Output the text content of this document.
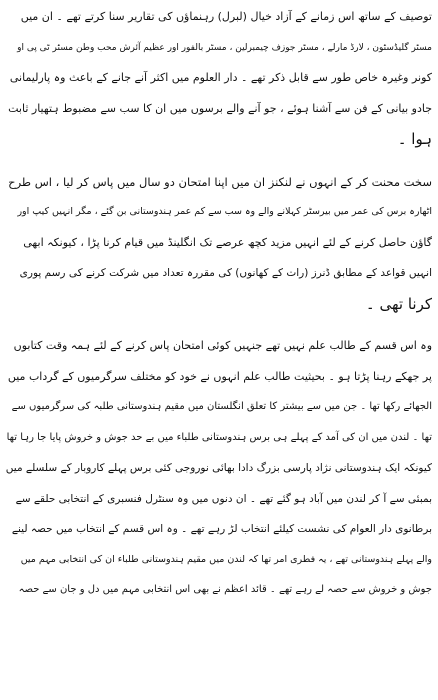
توصیف کے ساتھ اس زمانے کے آزاد خیال (لبرل) رہنماؤں کی تقاریر سنا کرتے تھے ۔ ان میں
مسٹر گلیڈسٹون ، لارڈ مارلے ، مسٹر جوزف چیمبرلین ، مسٹر بالفور اور عظیم آئرش محب وطن مسٹر ٹی پی او
کونر وغیرہ خاص طور سے قابل ذکر تھے ۔ دار العلوم میں اکثر آنے جانے کے باعث وہ پارلیمانی
جادو بیانی کے فن سے آشنا ہوئے ، جو آنے والے برسوں میں ان کا سب سے مضبوط ہتھیار ثابت
ہوا ۔
سخت محنت کر کے انہوں نے لنکنز ان میں اپنا امتحان دو سال میں پاس کر لیا ، اس طرح
اٹھارہ برس کی عمر میں بیرسٹر کہلانے والے وہ سب سے کم عمر ہندوستانی بن گئے ، مگر انہیں کیپ اور
گاؤن حاصل کرنے کے لئے انہیں مزید کچھ عرصے تک انگلینڈ میں قیام کرنا پڑا ، کیونکہ ابھی
انہیں قواعد کے مطابق ڈنرز (رات کے کھانوں) کی مقررہ تعداد میں شرکت کرنے کی رسم پوری
کرنا تھی ۔
وہ اس قسم کے طالب علم نہیں تھے جنہیں کوئی امتحان پاس کرنے کے لئے ہمہ وقت کتابوں
پر جھکے رہنا پڑتا ہو ۔ بحیثیت طالب علم انہوں نے خود کو مختلف سرگرمیوں کے گرداب میں
الجھائے رکھا تھا ۔ جن میں سے بیشتر کا تعلق انگلستان میں مقیم ہندوستانی طلبہ کی سرگرمیوں سے
تھا ۔ لندن میں ان کی آمد کے پہلے ہی برس ہندوستانی طلباء میں بے حد جوش و خروش پایا جا رہا تھا
کیونکہ ایک ہندوستانی نژاد پارسی بزرگ دادا بھائی نوروجی کئی برس پہلے کاروبار کے سلسلے میں
بمبئی سے آ کر لندن میں آباد ہو گئے تھے ۔ ان دنوں میں وہ سنٹرل فنسبری کے انتخابی حلقے سے
برطانوی دار العوام کی نشست کیلئے انتخاب لڑ رہے تھے ۔ وہ اس قسم کے انتخاب میں حصہ لینے
والے پہلے ہندوستانی تھے ، یہ فطری امر تھا کہ لندن میں مقیم ہندوستانی طلباء ان کی انتخابی مہم میں
جوش و خروش سے حصہ لے رہے تھے ۔ قائد اعظم نے بھی اس انتخابی مہم میں دل و جان سے حصہ
